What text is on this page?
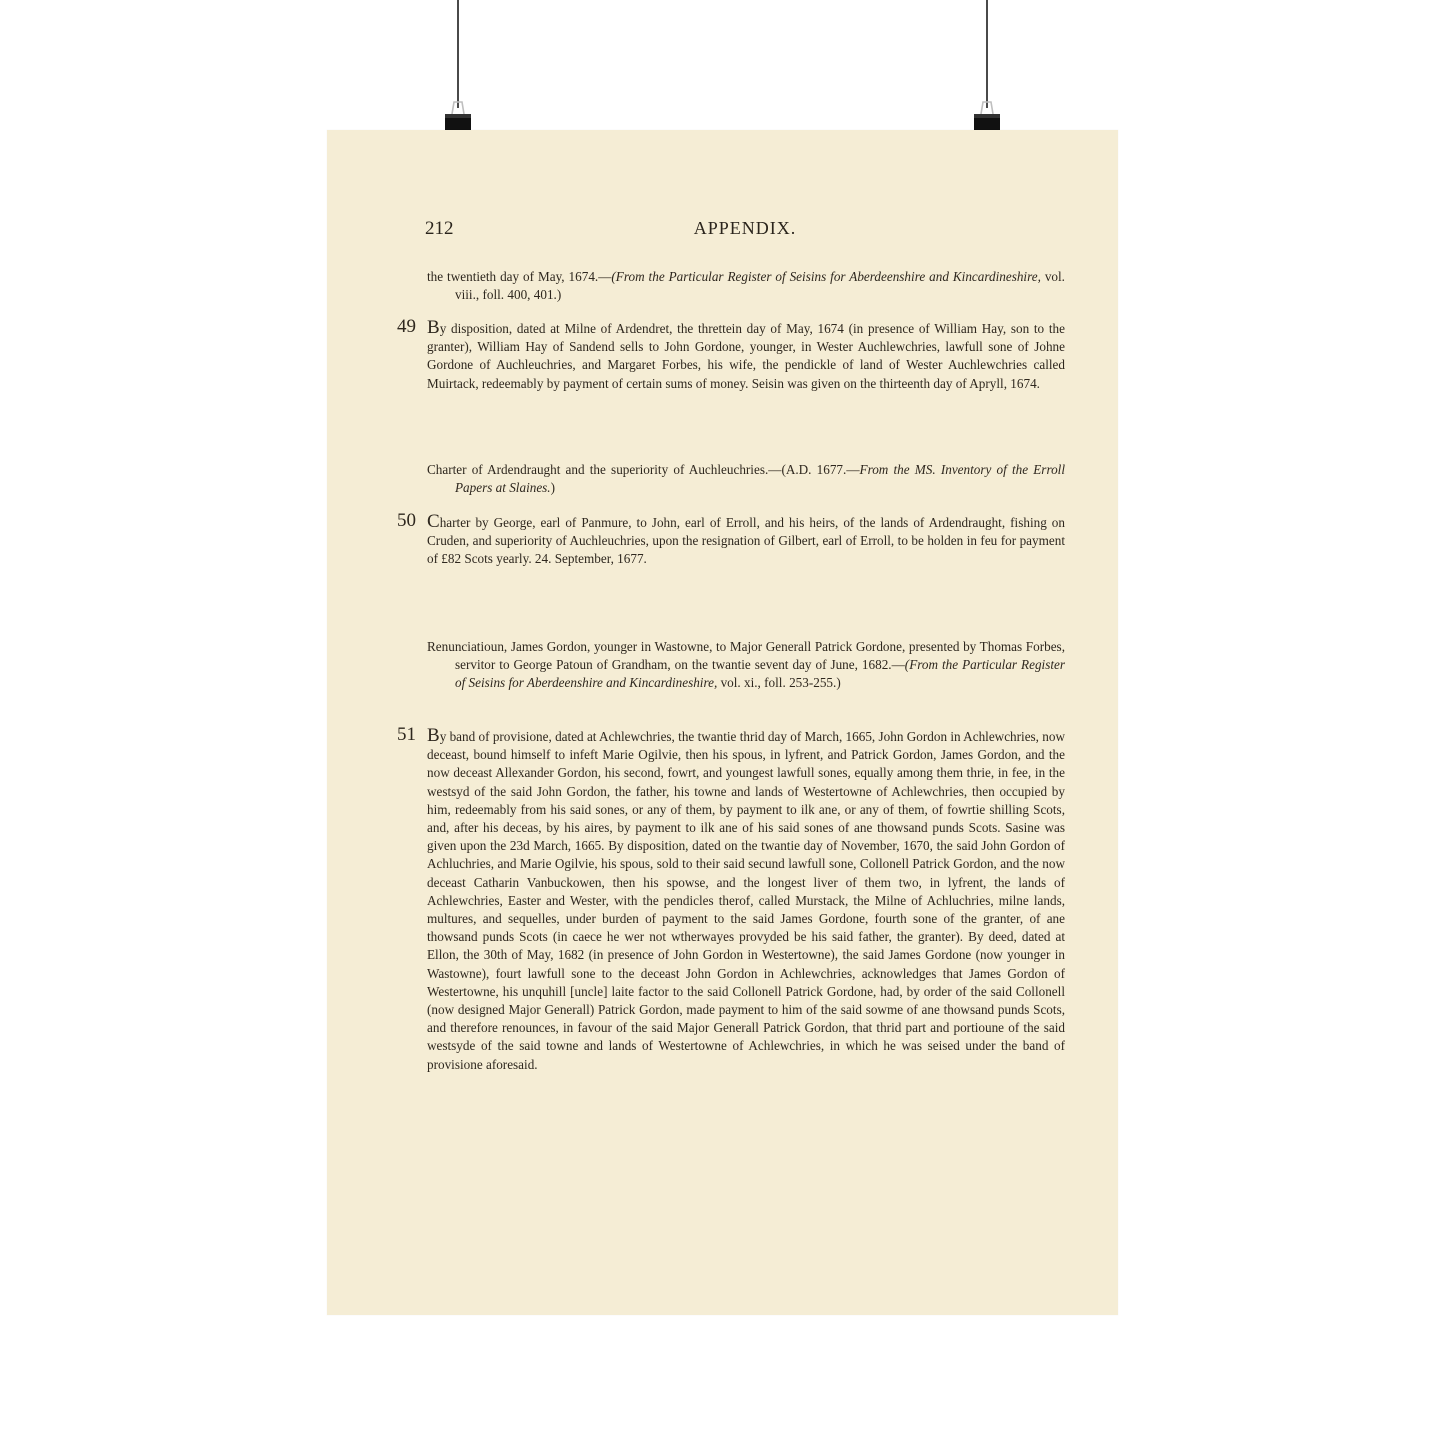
212	APPENDIX.
the twentieth day of May, 1674.—(From the Particular Register of Seisins for Aberdeenshire and Kincardineshire, vol. viii., foll. 400, 401.)
49 By disposition, dated at Milne of Ardendret, the threttein day of May, 1674 (in presence of William Hay, son to the granter), William Hay of Sandend sells to John Gordone, younger, in Wester Auchlewchries, lawfull sone of Johne Gordone of Auchleuchries, and Margaret Forbes, his wife, the pendickle of land of Wester Auchlewchries called Muirtack, redeemably by payment of certain sums of money. Seisin was given on the thirteenth day of Apryll, 1674.
Charter of Ardendraught and the superiority of Auchleuchries.—(A.D. 1677.—From the MS. Inventory of the Erroll Papers at Slaines.)
50 Charter by George, earl of Panmure, to John, earl of Erroll, and his heirs, of the lands of Ardendraught, fishing on Cruden, and superiority of Auchleuchries, upon the resignation of Gilbert, earl of Erroll, to be holden in feu for payment of £82 Scots yearly. 24. September, 1677.
Renunciatioun, James Gordon, younger in Wastowne, to Major Generall Patrick Gordone, presented by Thomas Forbes, servitor to George Patoun of Grandham, on the twantie sevent day of June, 1682.—(From the Particular Register of Seisins for Aberdeenshire and Kincardineshire, vol. xi., foll. 253-255.)
51 By band of provisione, dated at Achlewchries, the twantie thrid day of March, 1665, John Gordon in Achlewchries, now deceast, bound himself to infeft Marie Ogilvie, then his spous, in lyfrent, and Patrick Gordon, James Gordon, and the now deceast Allexander Gordon, his second, fowrt, and youngest lawfull sones, equally among them thrie, in fee, in the westsyd of the said John Gordon, the father, his towne and lands of Westertowne of Achlewchries, then occupied by him, redeemably from his said sones, or any of them, by payment to ilk ane, or any of them, of fowrtie shilling Scots, and, after his deceas, by his aires, by payment to ilk ane of his said sones of ane thowsand punds Scots. Sasine was given upon the 23d March, 1665. By disposition, dated on the twantie day of November, 1670, the said John Gordon of Achluchries, and Marie Ogilvie, his spous, sold to their said secund lawfull sone, Collonell Patrick Gordon, and the now deceast Catharin Vanbuckowen, then his spowse, and the longest liver of them two, in lyfrent, the lands of Achlewchries, Easter and Wester, with the pendicles therof, called Murstack, the Milne of Achluchries, milne lands, multures, and sequelles, under burden of payment to the said James Gordone, fourth sone of the granter, of ane thowsand punds Scots (in caece he wer not wtherwayes provyded be his said father, the granter). By deed, dated at Ellon, the 30th of May, 1682 (in presence of John Gordon in Westertowne), the said James Gordone (now younger in Wastowne), fourt lawfull sone to the deceast John Gordon in Achlewchries, acknowledges that James Gordon of Westertowne, his unquhill [uncle] laite factor to the said Collonell Patrick Gordone, had, by order of the said Collonell (now designed Major Generall) Patrick Gordon, made payment to him of the said sowme of ane thowsand punds Scots, and therefore renounces, in favour of the said Major Generall Patrick Gordon, that thrid part and portioune of the said westsyde of the said towne and lands of Westertowne of Achlewchries, in which he was seised under the band of provisione aforesaid.
